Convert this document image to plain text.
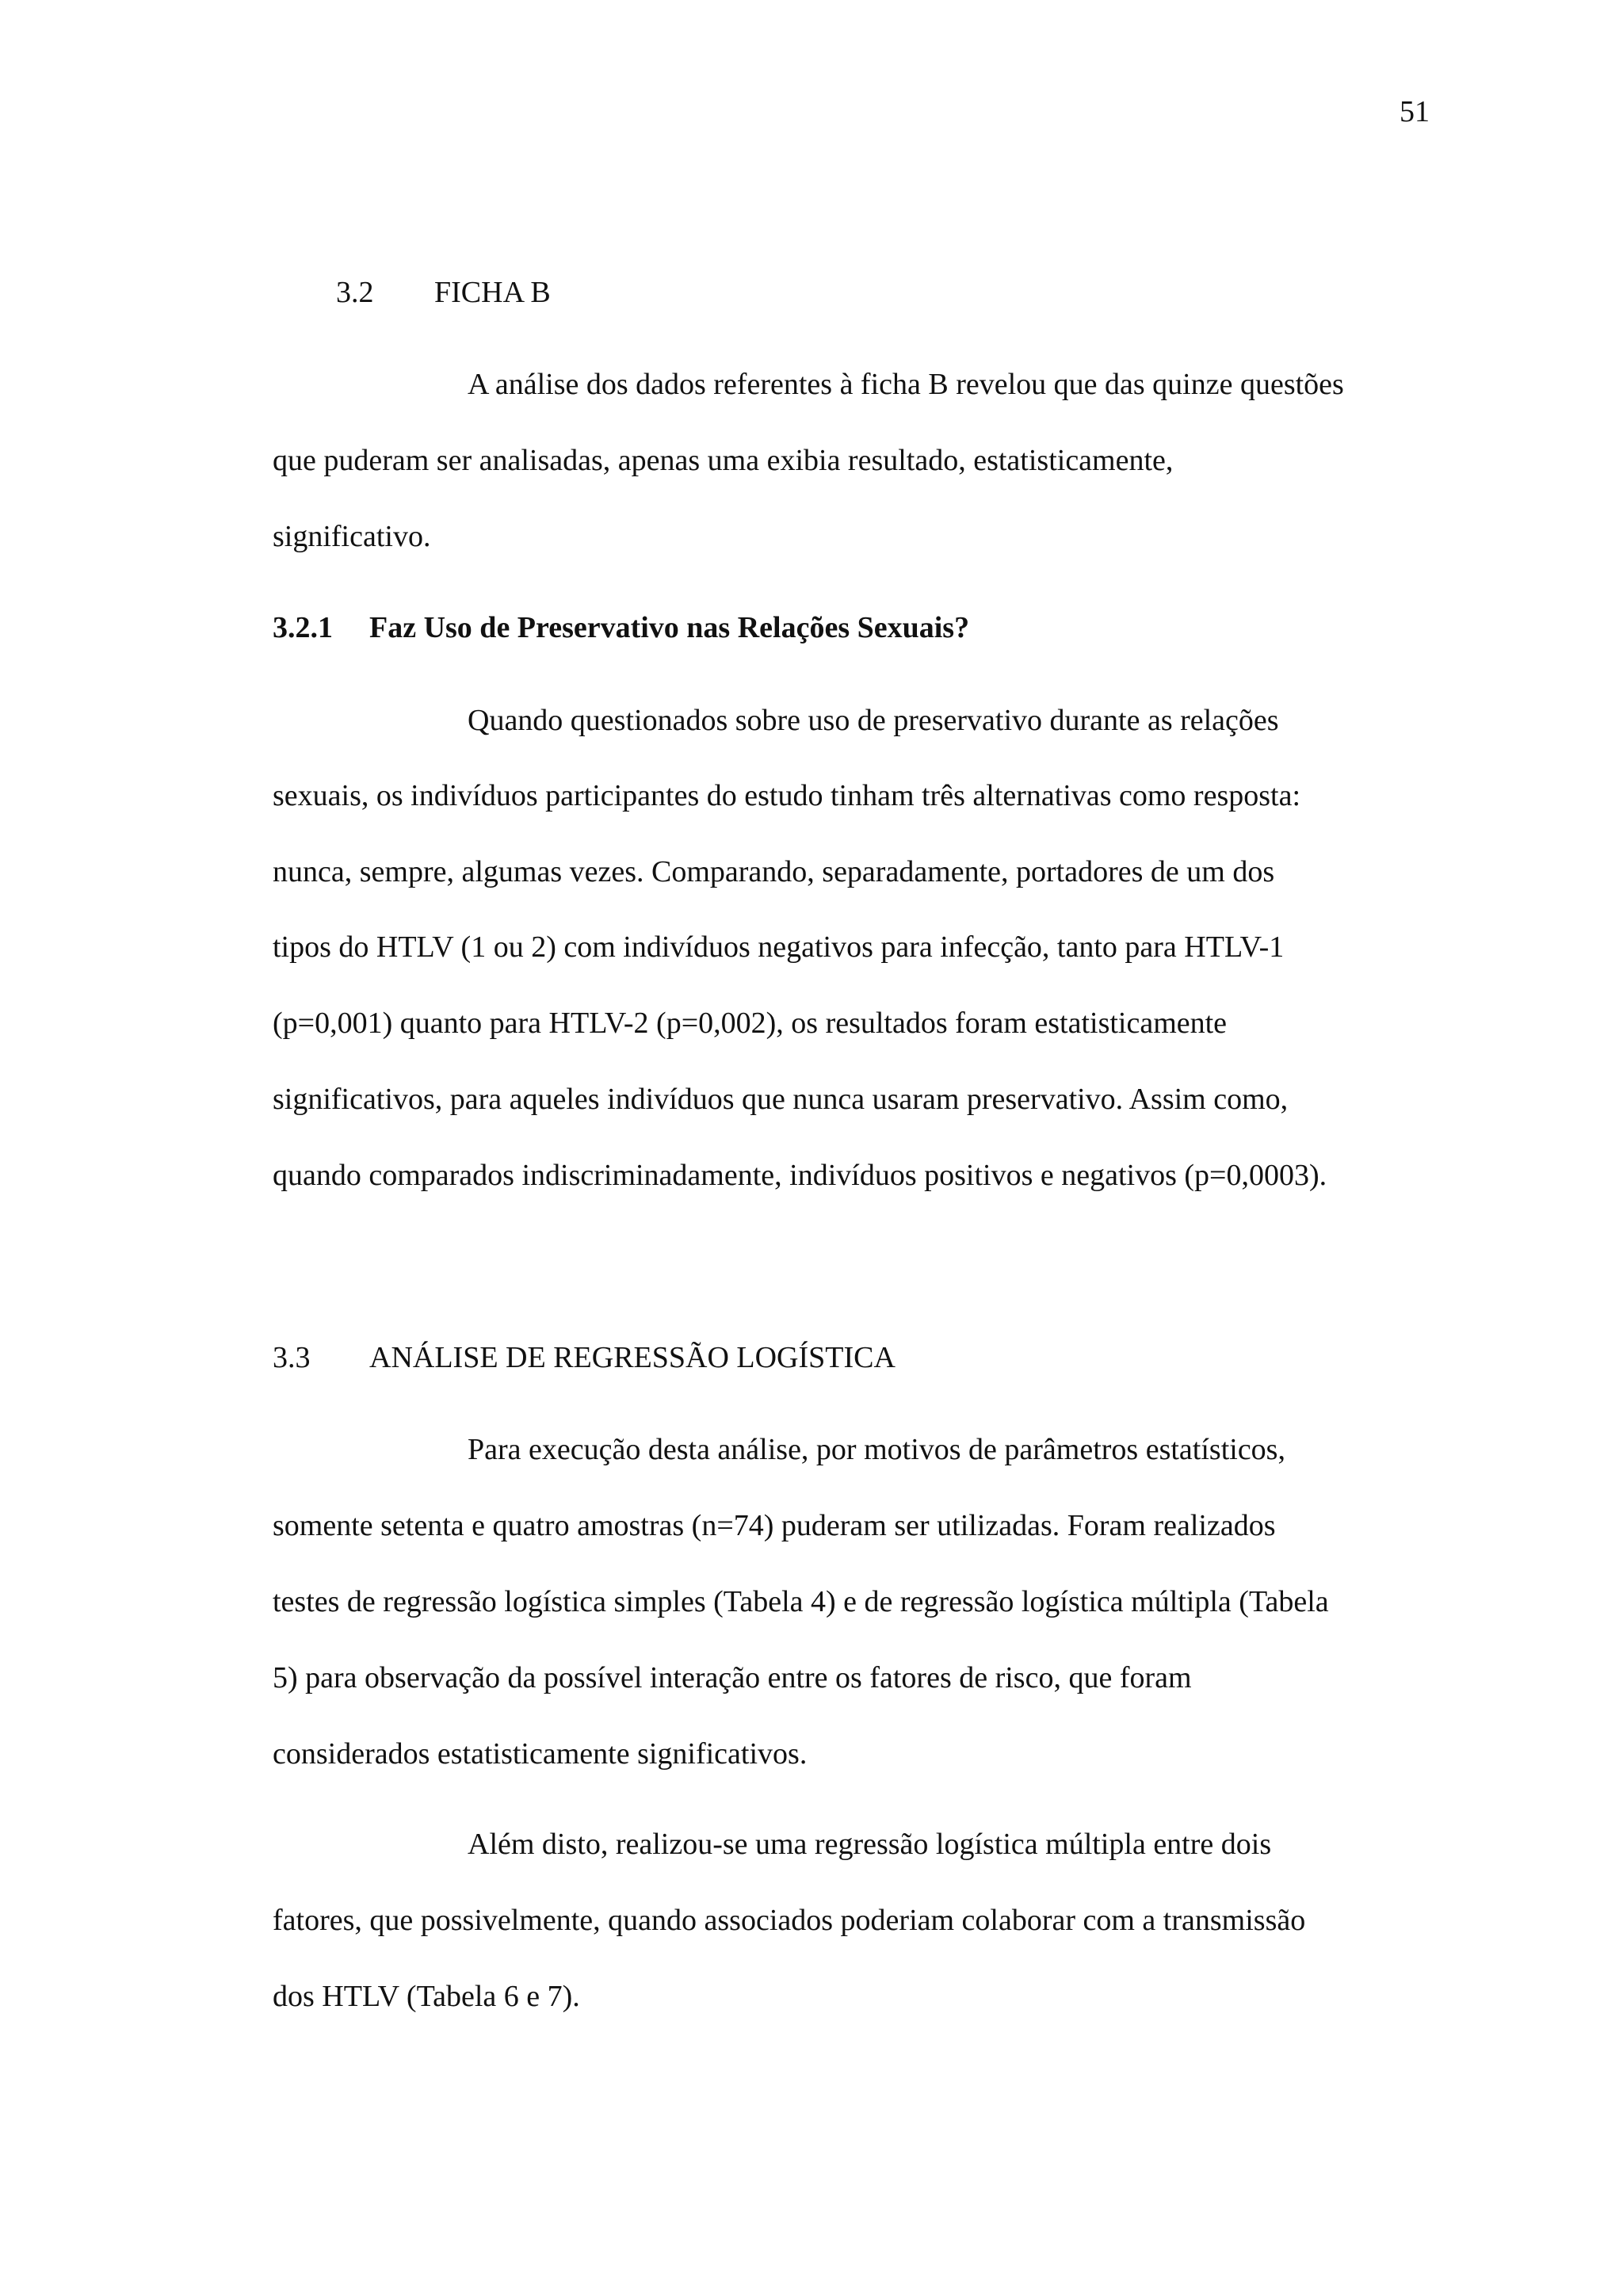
51
3.2 FICHA B
A análise dos dados referentes à ficha B revelou que das quinze questões
que puderam ser analisadas, apenas uma exibia resultado, estatisticamente,
significativo.
3.2.1 Faz Uso de Preservativo nas Relações Sexuais?
Quando questionados sobre uso de preservativo durante as relações
sexuais, os indivíduos participantes do estudo tinham três alternativas como resposta:
nunca, sempre, algumas vezes. Comparando, separadamente, portadores de um dos
tipos do HTLV (1 ou 2) com indivíduos negativos para infecção, tanto para HTLV-1
(p=0,001) quanto para HTLV-2 (p=0,002), os resultados foram estatisticamente
significativos, para aqueles indivíduos que nunca usaram preservativo. Assim como,
quando comparados indiscriminadamente, indivíduos positivos e negativos (p=0,0003).
3.3 ANÁLISE DE REGRESSÃO LOGÍSTICA
Para execução desta análise, por motivos de parâmetros estatísticos,
somente setenta e quatro amostras (n=74) puderam ser utilizadas. Foram realizados
testes de regressão logística simples (Tabela 4) e de regressão logística múltipla (Tabela
5) para observação da possível interação entre os fatores de risco, que foram
considerados estatisticamente significativos.
Além disto, realizou-se uma regressão logística múltipla entre dois
fatores, que possivelmente, quando associados poderiam colaborar com a transmissão
dos HTLV (Tabela 6 e 7).
